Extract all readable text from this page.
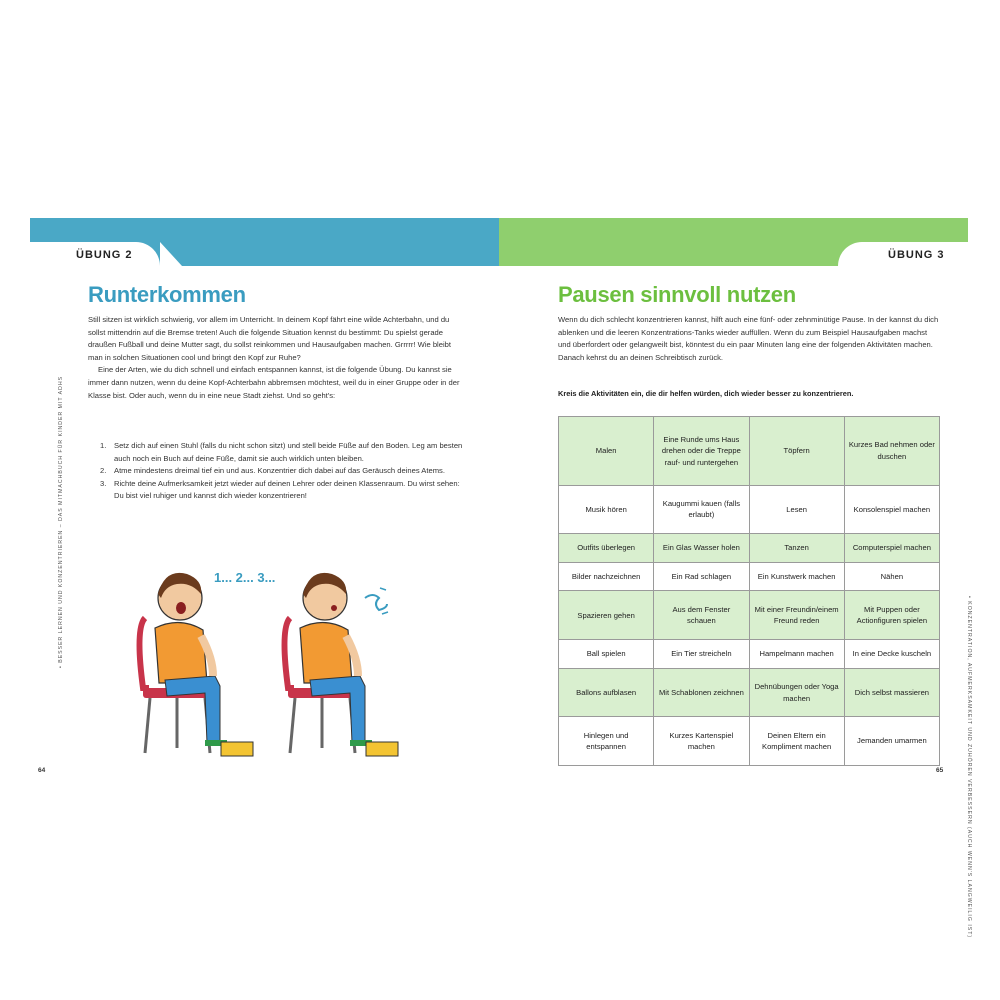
ÜBUNG 2	ÜBUNG 3
Runterkommen	Pausen sinnvoll nutzen

Still sitzen ist wirklich schwierig, vor allem im Unterricht. In deinem Kopf fährt eine wilde Achterbahn, und du sollst mittendrin auf die Bremse treten! Auch die folgende Situation kennst du bestimmt: Du spielst gerade draußen Fußball und deine Mutter sagt, du sollst reinkommen und Hausaufgaben machen. Grrrrr! Wie bleibt man in solchen Situationen cool und bringt den Kopf zur Ruhe?

Eine der Arten, wie du dich schnell und einfach entspannen kannst, ist die folgende Übung. Du kannst sie immer dann nutzen, wenn du deine Kopf-Achterbahn abbremsen möchtest, weil du in einer Gruppe oder in der Klasse bist. Oder auch, wenn du in eine neue Stadt ziehst. Und so geht's:

1. Setz dich auf einen Stuhl (falls du nicht schon sitzt) und stell beide Füße auf den Boden. Leg am besten auch noch ein Buch auf deine Füße, damit sie auch wirklich unten bleiben.
2. Atme mindestens dreimal tief ein und aus. Konzentrier dich dabei auf das Geräusch deines Atems.
3. Richte deine Aufmerksamkeit jetzt wieder auf deinen Lehrer oder deinen Klassenraum. Du wirst sehen: Du bist viel ruhiger und kannst dich wieder konzentrieren!
1... 2... 3...
Wenn du dich schlecht konzentrieren kannst, hilft auch eine fünf- oder zehnminütige Pause. In der kannst du dich ablenken und die leeren Konzentrations-Tanks wieder auffüllen. Wenn du zum Beispiel Hausaufgaben machst und überfordert oder gelangweilt bist, könntest du ein paar Minuten lang eine der folgenden Aktivitäten machen. Danach kehrst du an deinen Schreibtisch zurück.
Kreis die Aktivitäten ein, die dir helfen würden, dich wieder besser zu konzentrieren.
Malen	Eine Runde ums Haus drehen oder die Treppe rauf- und runtergehen	Töpfern	Kurzes Bad nehmen oder duschen
Musik hören	Kaugummi kauen (falls erlaubt)	Lesen	Konsolenspiel machen
Outfits überlegen	Ein Glas Wasser holen	Tanzen	Computerspiel machen
Bilder nachzeichnen	Ein Rad schlagen	Ein Kunstwerk machen	Nähen
Spazieren gehen	Aus dem Fenster schauen	Mit einer Freundin/einem Freund reden	Mit Puppen oder Actionfiguren spielen
Ball spielen	Ein Tier streicheln	Hampelmann machen	In eine Decke kuscheln
Ballons aufblasen	Mit Schablonen zeichnen	Dehnübungen oder Yoga machen	Dich selbst massieren
Hinlegen und entspannen	Kurzes Kartenspiel machen	Deinen Eltern ein Kompliment machen	Jemanden umarmen
• BESSER LERNEN UND KONZENTRIEREN – DAS MITMACHBUCH FÜR KINDER MIT ADHS
• KONZENTRATION, AUFMERKSAMKEIT UND ZUHÖREN VERBESSERN (AUCH WENN'S LANGWEILIG IST)
64	65
